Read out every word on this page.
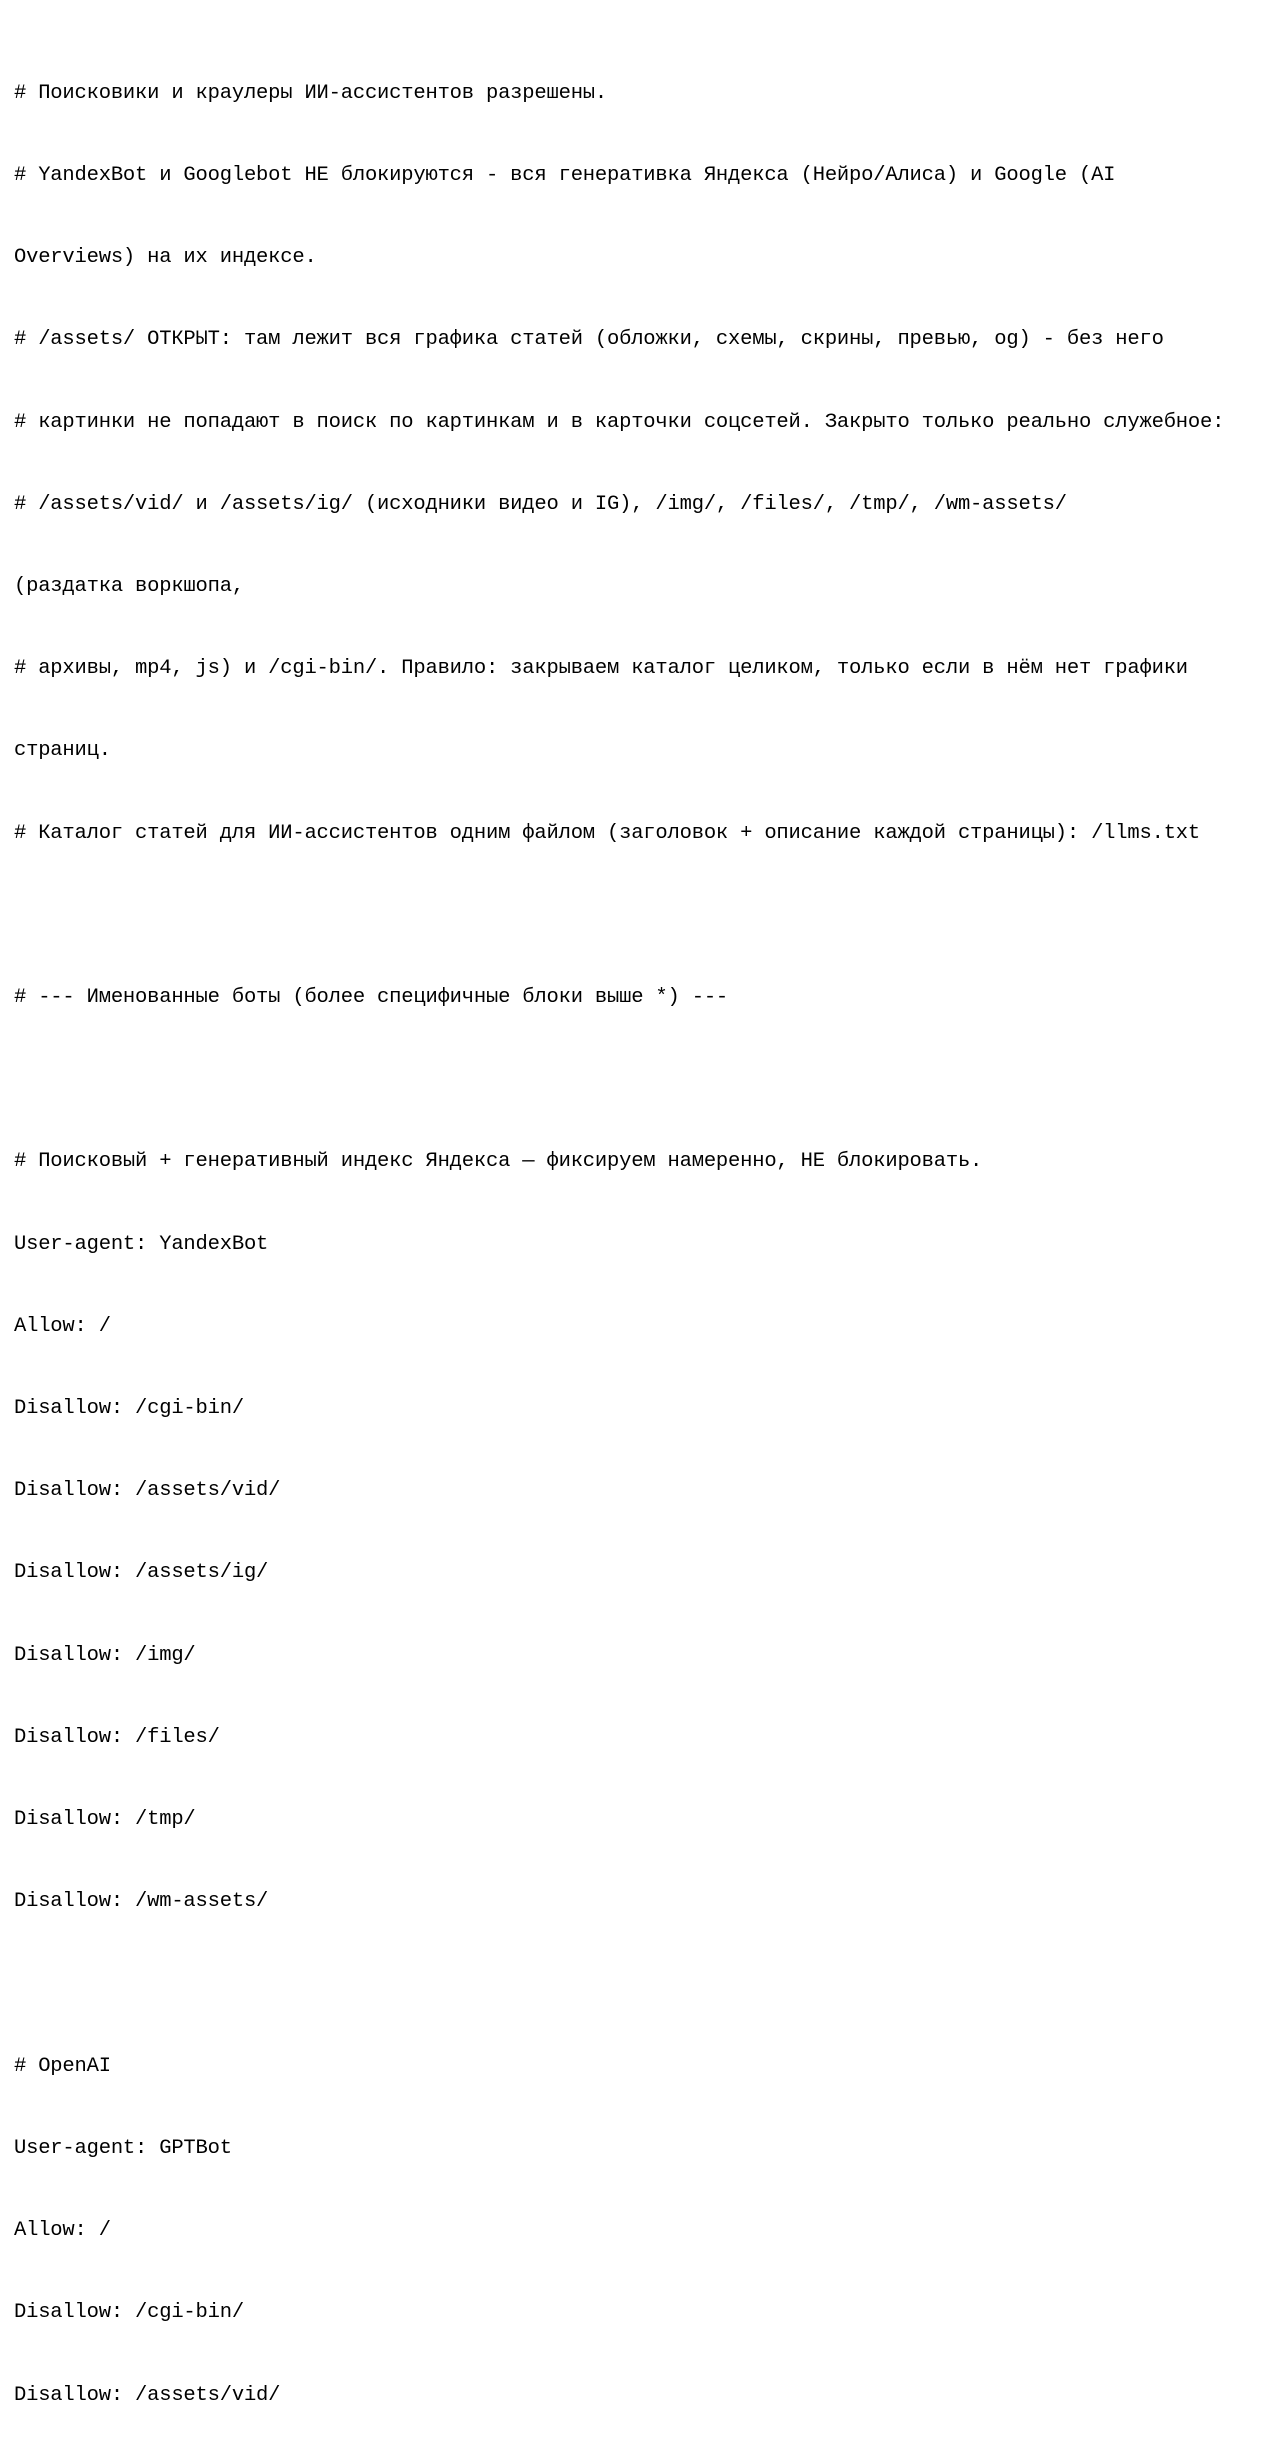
# Поисковики и краулеры ИИ-ассистентов разрешены.

# YandexBot и Googlebot НЕ блокируются - вся генеративка Яндекса (Нейро/Алиса) и Google (AI

Overviews) на их индексе.

# /assets/ ОТКРЫТ: там лежит вся графика статей (обложки, схемы, скрины, превью, og) - без него

# картинки не попадают в поиск по картинкам и в карточки соцсетей. Закрыто только реально служебное:

# /assets/vid/ и /assets/ig/ (исходники видео и IG), /img/, /files/, /tmp/, /wm-assets/

(раздатка воркшопа,

# архивы, mp4, js) и /cgi-bin/. Правило: закрываем каталог целиком, только если в нём нет графики

страниц.

# Каталог статей для ИИ-ассистентов одним файлом (заголовок + описание каждой страницы): /llms.txt

# --- Именованные боты (более специфичные блоки выше *) ---

# Поисковый + генеративный индекс Яндекса — фиксируем намеренно, НЕ блокировать.

User-agent: YandexBot

Allow: /

Disallow: /cgi-bin/

Disallow: /assets/vid/

Disallow: /assets/ig/

Disallow: /img/

Disallow: /files/

Disallow: /tmp/

Disallow: /wm-assets/

# OpenAI

User-agent: GPTBot

Allow: /

Disallow: /cgi-bin/

Disallow: /assets/vid/
